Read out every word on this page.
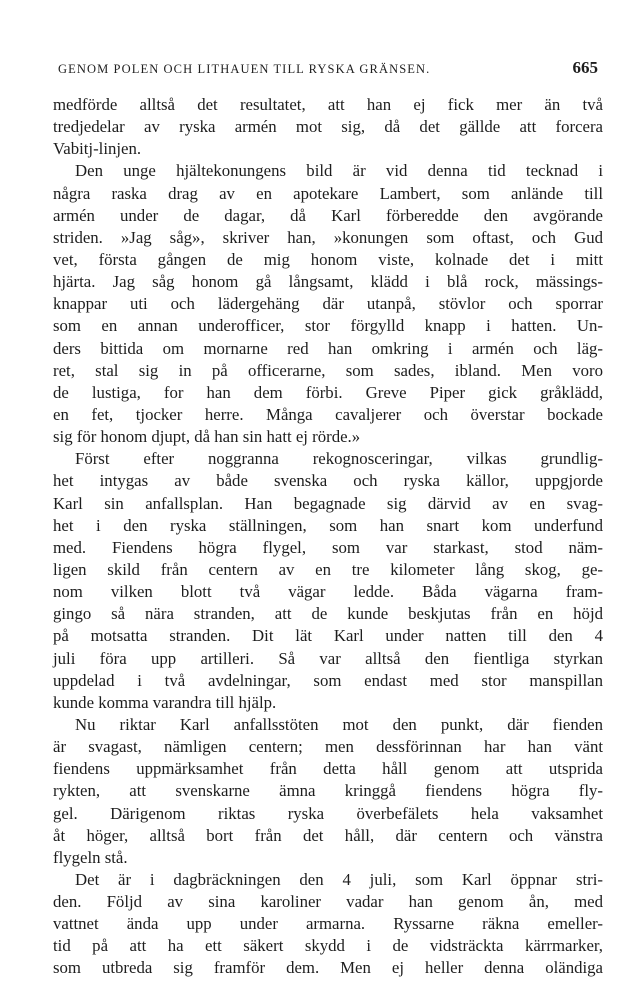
GENOM POLEN OCH LITHAUEN TILL RYSKA GRÄNSEN.	665
medförde alltså det resultatet, att han ej fick mer än två
tredjedelar av ryska armén mot sig, då det gällde att forcera
Vabitj-linjen.
Den unge hjältekonungens bild är vid denna tid tecknad i
några raska drag av en apotekare Lambert, som anlände till
armén under de dagar, då Karl förberedde den avgörande
striden. »Jag såg», skriver han, »konungen som oftast, och Gud
vet, första gången de mig honom viste, kolnade det i mitt
hjärta. Jag såg honom gå långsamt, klädd i blå rock, mässings-
knappar uti och lädergehäng där utanpå, stövlor och sporrar
som en annan underofficer, stor förgylld knapp i hatten. Un-
ders bittida om mornarne red han omkring i armén och läg-
ret, stal sig in på officerarne, som sades, ibland. Men voro
de lustiga, for han dem förbi. Greve Piper gick gråklädd,
en fet, tjocker herre. Många cavaljerer och överstar bockade
sig för honom djupt, då han sin hatt ej rörde.»
Först efter noggranna rekognosceringar, vilkas grundlig-
het intygas av både svenska och ryska källor, uppgjorde
Karl sin anfallsplan. Han begagnade sig därvid av en svag-
het i den ryska ställningen, som han snart kom underfund
med. Fiendens högra flygel, som var starkast, stod näm-
ligen skild från centern av en tre kilometer lång skog, ge-
nom vilken blott två vägar ledde. Båda vägarna fram-
gingo så nära stranden, att de kunde beskjutas från en höjd
på motsatta stranden. Dit lät Karl under natten till den 4
juli föra upp artilleri. Så var alltså den fientliga styrkan
uppdelad i två avdelningar, som endast med stor manspillan
kunde komma varandra till hjälp.
Nu riktar Karl anfallsstöten mot den punkt, där fienden
är svagast, nämligen centern; men dessförinnan har han vänt
fiendens uppmärksamhet från detta håll genom att utsprida
rykten, att svenskarne ämna kringgå fiendens högra fly-
gel. Därigenom riktas ryska överbefälets hela vaksamhet
åt höger, alltså bort från det håll, där centern och vänstra
flygeln stå.
Det är i dagbräckningen den 4 juli, som Karl öppnar stri-
den. Följd av sina karoliner vadar han genom ån, med
vattnet ända upp under armarna. Ryssarne räkna emeller-
tid på att ha ett säkert skydd i de vidsträckta kärrmarker,
som utbreda sig framför dem. Men ej heller denna oländiga
